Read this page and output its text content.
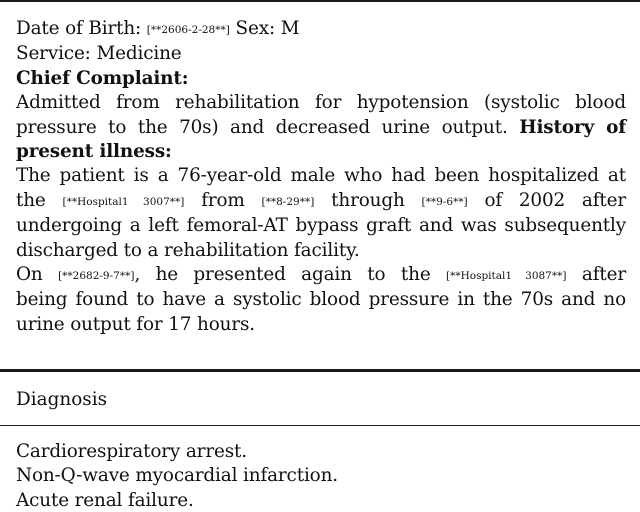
Date of Birth: [**2606-2-28**] Sex: M
Service: Medicine
Chief Complaint:
Admitted from rehabilitation for hypotension (systolic blood
pressure to the 70s) and decreased urine output. History of
present illness:
The patient is a 76-year-old male who had been hospitalized at
the [**Hospital1 3007**] from [**8-29**] through [**9-6**] of 2002 after
undergoing a left femoral-AT bypass graft and was subsequently
discharged to a rehabilitation facility.
On [**2682-9-7**], he presented again to the [**Hospital1 3087**] after
being found to have a systolic blood pressure in the 70s and no
urine output for 17 hours.
Diagnosis
Cardiorespiratory arrest.
Non-Q-wave myocardial infarction.
Acute renal failure.
